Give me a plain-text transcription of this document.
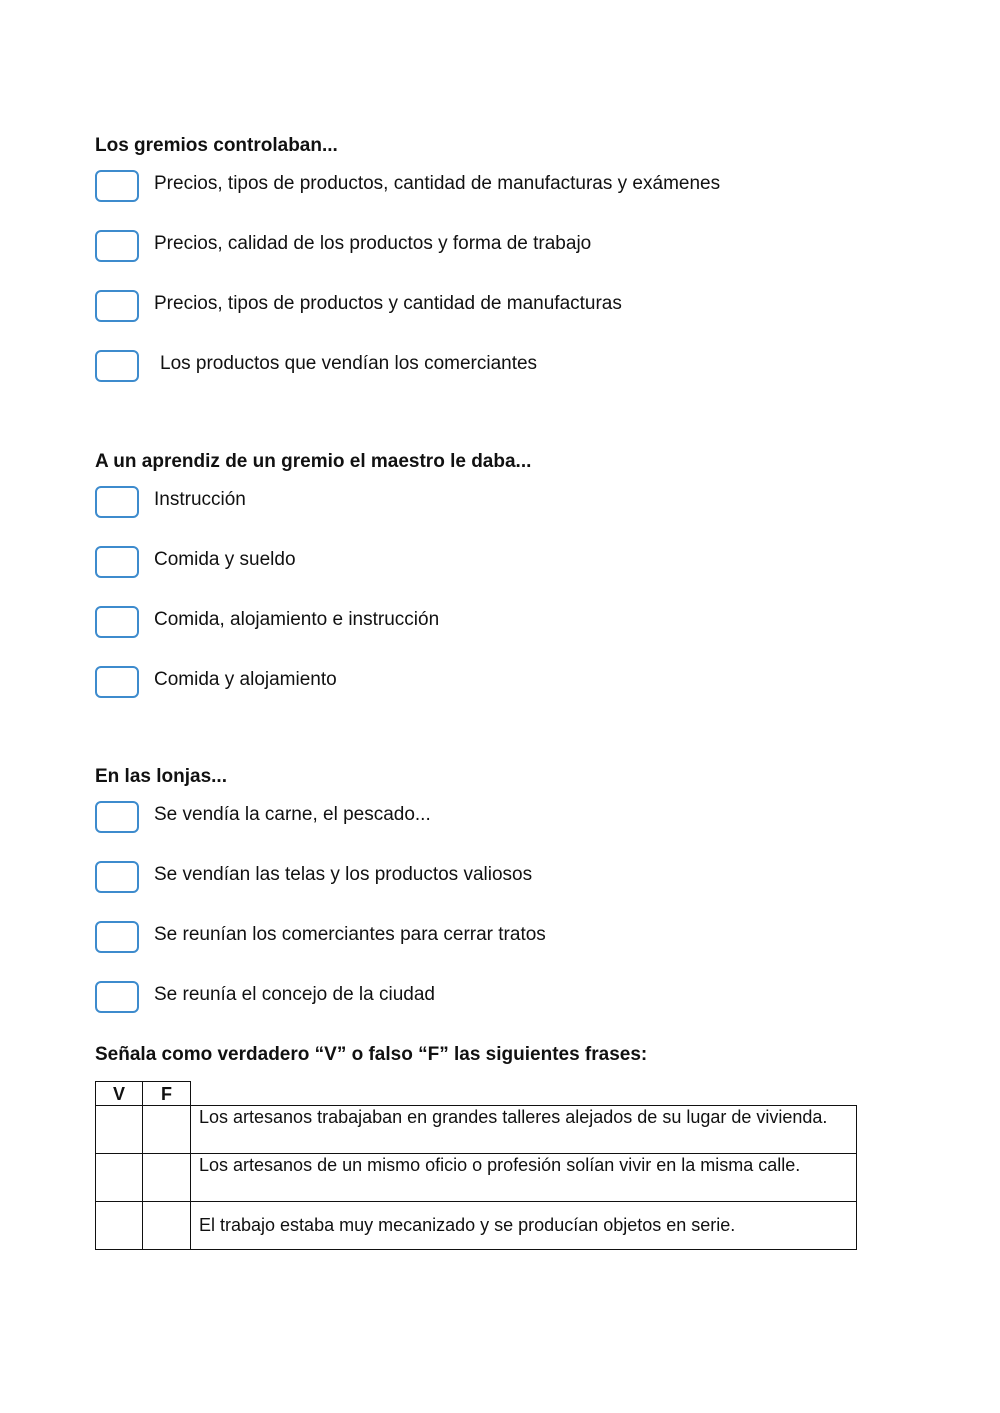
Los gremios controlaban...

Precios, tipos de productos, cantidad de manufacturas y exámenes
Precios, calidad de los productos y forma de trabajo
Precios, tipos de productos y cantidad de manufacturas
Los productos que vendían los comerciantes

A un aprendiz de un gremio el maestro le daba...

Instrucción
Comida y sueldo
Comida, alojamiento e instrucción
Comida y alojamiento

En las lonjas...

Se vendía la carne, el pescado...
Se vendían las telas y los productos valiosos
Se reunían los comerciantes para cerrar tratos
Se reunía el concejo de la ciudad

Señala como verdadero “V” o falso “F” las siguientes frases:

V	F	
		Los artesanos trabajaban en grandes talleres alejados de su lugar de vivienda.
		Los artesanos de un mismo oficio o profesión solían vivir en la misma calle.
		El trabajo estaba muy mecanizado y se producían objetos en serie.
